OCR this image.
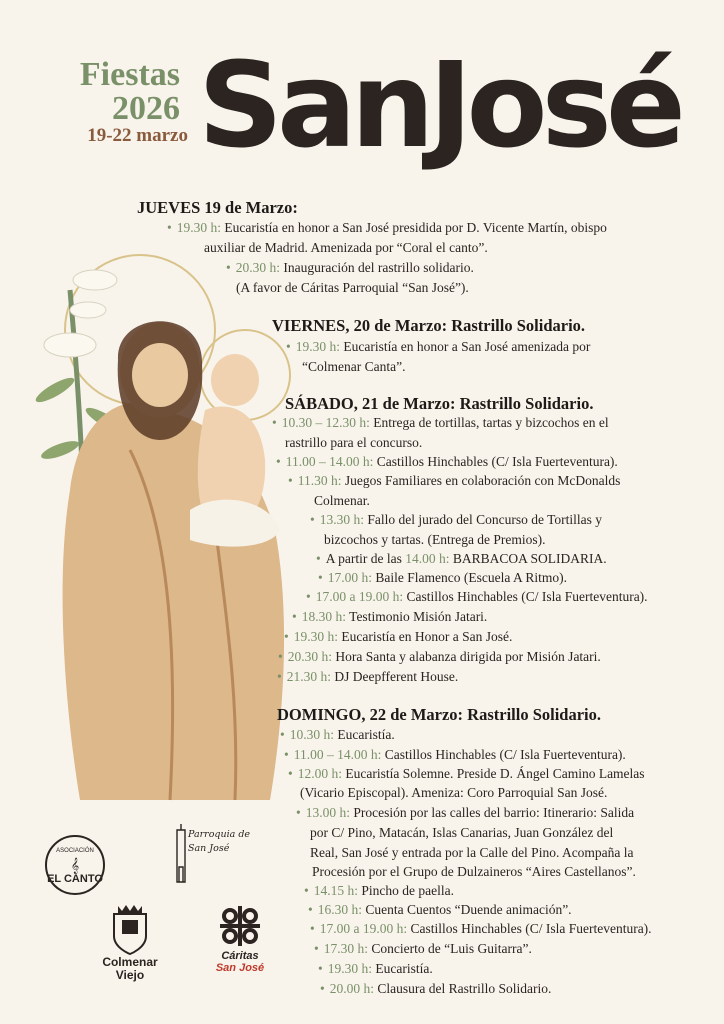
Fiestas
2026
19-22 marzo SanJosé
JUEVES 19 de Marzo:
• 19.30 h: Eucaristía en honor a San José presidida por D. Vicente Martín, obispo
auxiliar de Madrid. Amenizada por “Coral el canto”.
• 20.30 h: Inauguración del rastrillo solidario.
(A favor de Cáritas Parroquial “San José”).
VIERNES, 20 de Marzo: Rastrillo Solidario.
• 19.30 h: Eucaristía en honor a San José amenizada por
“Colmenar Canta”.
SÁBADO, 21 de Marzo: Rastrillo Solidario.
• 10.30 – 12.30 h: Entrega de tortillas, tartas y bizcochos en el
rastrillo para el concurso.
• 11.00 – 14.00 h: Castillos Hinchables (C/ Isla Fuerteventura).
• 11.30 h: Juegos Familiares en colaboración con McDonalds
Colmenar.
• 13.30 h: Fallo del jurado del Concurso de Tortillas y
bizcochos y tartas. (Entrega de Premios).
• A partir de las 14.00 h: BARBACOA SOLIDARIA.
• 17.00 h: Baile Flamenco (Escuela A Ritmo).
• 17.00 a 19.00 h: Castillos Hinchables (C/ Isla Fuerteventura).
• 18.30 h: Testimonio Misión Jatari.
• 19.30 h: Eucaristía en Honor a San José.
• 20.30 h: Hora Santa y alabanza dirigida por Misión Jatari.
• 21.30 h: DJ Deepfferent House.
DOMINGO, 22 de Marzo: Rastrillo Solidario.
• 10.30 h: Eucaristía.
• 11.00 – 14.00 h: Castillos Hinchables (C/ Isla Fuerteventura).
• 12.00 h: Eucaristía Solemne. Preside D. Ángel Camino Lamelas
(Vicario Episcopal). Ameniza: Coro Parroquial San José.
• 13.00 h: Procesión por las calles del barrio: Itinerario: Salida
por C/ Pino, Matacán, Islas Canarias, Juan González del
Real, San José y entrada por la Calle del Pino. Acompaña la
Procesión por el Grupo de Dulzaineros “Aires Castellanos”.
• 14.15 h: Pincho de paella.
• 16.30 h: Cuenta Cuentos “Duende animación”.
• 17.00 a 19.00 h: Castillos Hinchables (C/ Isla Fuerteventura).
• 17.30 h: Concierto de “Luis Guitarra”.
• 19.30 h: Eucaristía.
• 20.00 h: Clausura del Rastrillo Solidario.
ASOCIACIÓN
EL CANTO
𝄞
Parroquia de
San José
Colmenar
Viejo
Cáritas
San José
